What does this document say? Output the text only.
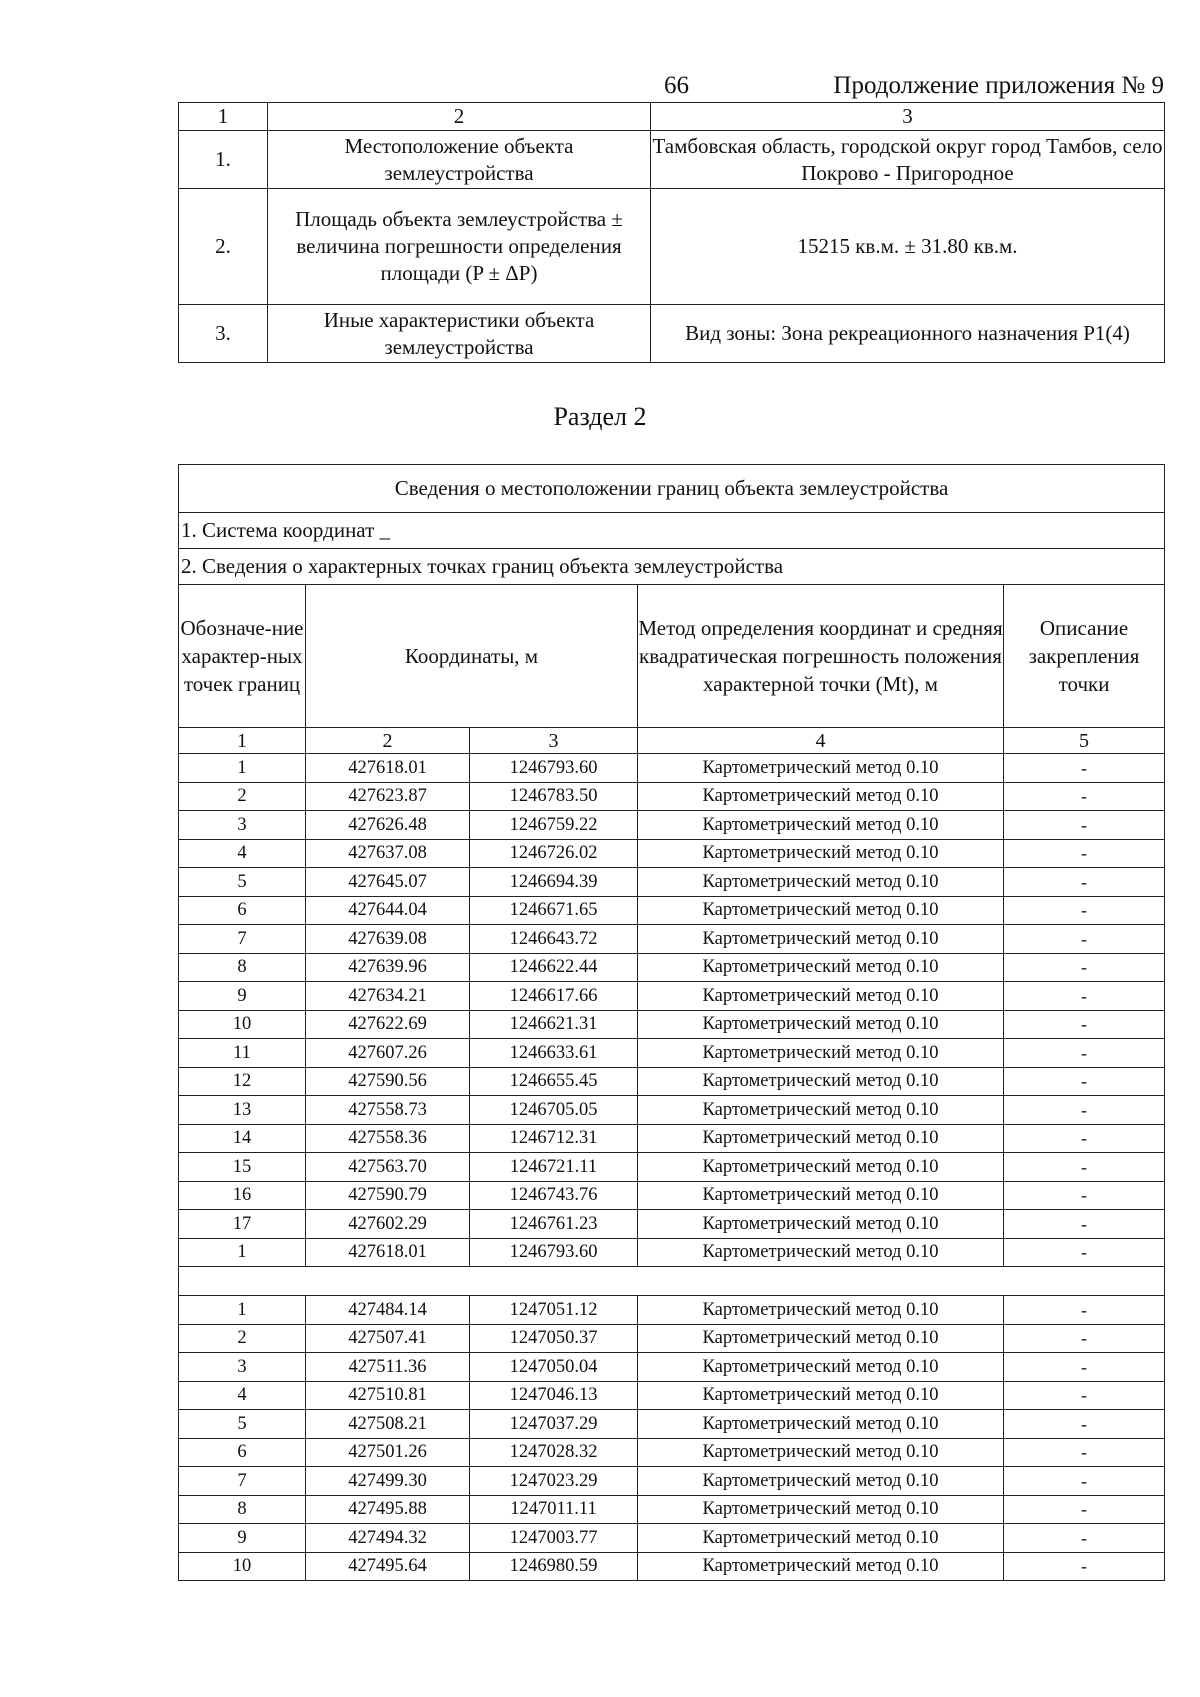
66	Продолжение приложения № 9
1	2	3
1.	Местоположение объекта землеустройства	Тамбовская область, городской округ город Тамбов, село Покрово - Пригородное
2.	Площадь объекта землеустройства ± величина погрешности определения площади (P ± ΔP)	15215 кв.м. ± 31.80 кв.м.
3.	Иные характеристики объекта землеустройства	Вид зоны: Зона рекреационного назначения Р1(4)
Раздел 2
Сведения о местоположении границ объекта землеустройства				
1. Система координат _				
2. Сведения о характерных точках границ объекта землеустройства				
Обозначе-ние характер-ных точек границ	Координаты, м		Метод определения координат и средняя квадратическая погрешность положения характерной точки (Mt), м	Описание закрепления точки
1	2	3	4	5
1	427618.01	1246793.60	Картометрический метод 0.10	-
2	427623.87	1246783.50	Картометрический метод 0.10	-
3	427626.48	1246759.22	Картометрический метод 0.10	-
4	427637.08	1246726.02	Картометрический метод 0.10	-
5	427645.07	1246694.39	Картометрический метод 0.10	-
6	427644.04	1246671.65	Картометрический метод 0.10	-
7	427639.08	1246643.72	Картометрический метод 0.10	-
8	427639.96	1246622.44	Картометрический метод 0.10	-
9	427634.21	1246617.66	Картометрический метод 0.10	-
10	427622.69	1246621.31	Картометрический метод 0.10	-
11	427607.26	1246633.61	Картометрический метод 0.10	-
12	427590.56	1246655.45	Картометрический метод 0.10	-
13	427558.73	1246705.05	Картометрический метод 0.10	-
14	427558.36	1246712.31	Картометрический метод 0.10	-
15	427563.70	1246721.11	Картометрический метод 0.10	-
16	427590.79	1246743.76	Картометрический метод 0.10	-
17	427602.29	1246761.23	Картометрический метод 0.10	-
1	427618.01	1246793.60	Картометрический метод 0.10	-

1	427484.14	1247051.12	Картометрический метод 0.10	-
2	427507.41	1247050.37	Картометрический метод 0.10	-
3	427511.36	1247050.04	Картометрический метод 0.10	-
4	427510.81	1247046.13	Картометрический метод 0.10	-
5	427508.21	1247037.29	Картометрический метод 0.10	-
6	427501.26	1247028.32	Картометрический метод 0.10	-
7	427499.30	1247023.29	Картометрический метод 0.10	-
8	427495.88	1247011.11	Картометрический метод 0.10	-
9	427494.32	1247003.77	Картометрический метод 0.10	-
10	427495.64	1246980.59	Картометрический метод 0.10	-
